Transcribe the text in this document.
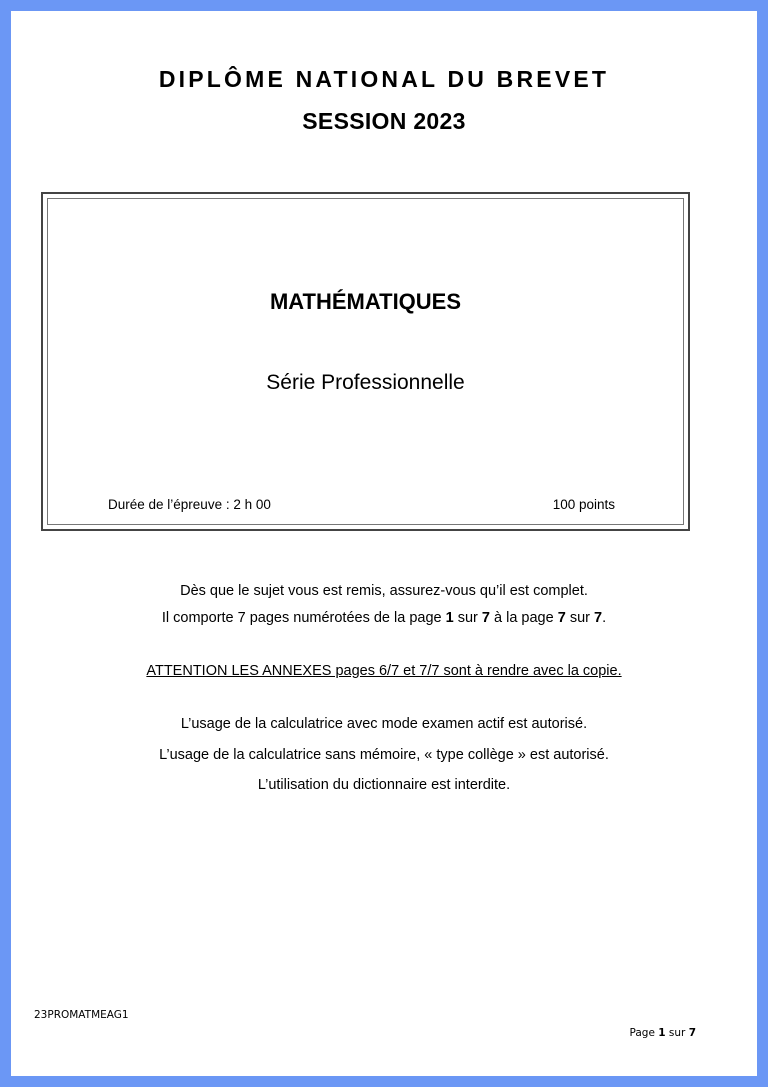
DIPLÔME NATIONAL DU BREVET
SESSION 2023
MATHÉMATIQUES
Série Professionnelle
Durée de l’épreuve : 2 h 00	100 points
Dès que le sujet vous est remis, assurez-vous qu’il est complet.
Il comporte 7 pages numérotées de la page 1 sur 7 à la page 7 sur 7.
ATTENTION LES ANNEXES pages 6/7 et 7/7 sont à rendre avec la copie.
L’usage de la calculatrice avec mode examen actif est autorisé.
L’usage de la calculatrice sans mémoire, « type collège » est autorisé.
L’utilisation du dictionnaire est interdite.
23PROMATMEAG1
Page 1 sur 7
